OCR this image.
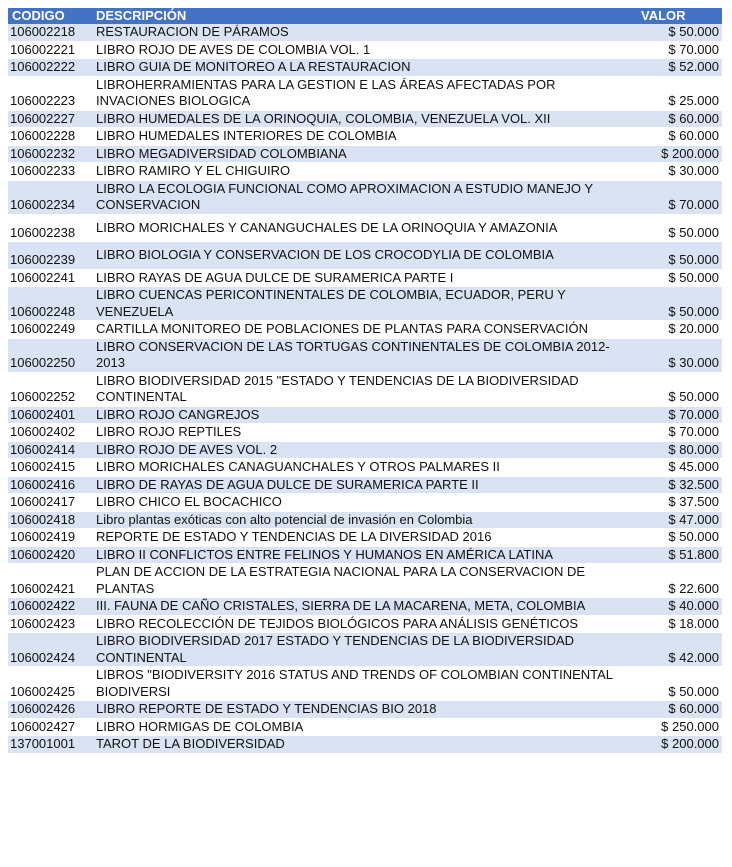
CODIGO	DESCRIPCIÓN	VALOR
106002218	RESTAURACION DE PÁRAMOS	$ 50.000
106002221	LIBRO ROJO DE AVES DE COLOMBIA VOL. 1	$ 70.000
106002222	LIBRO GUIA DE MONITOREO A LA RESTAURACION	$ 52.000
106002223	LIBROHERRAMIENTAS PARA LA GESTION E LAS ÁREAS AFECTADAS POR INVACIONES BIOLOGICA	$ 25.000
106002227	LIBRO HUMEDALES DE LA ORINOQUIA, COLOMBIA, VENEZUELA VOL. XII	$ 60.000
106002228	LIBRO HUMEDALES INTERIORES DE COLOMBIA	$ 60.000
106002232	LIBRO MEGADIVERSIDAD COLOMBIANA	$ 200.000
106002233	LIBRO RAMIRO Y EL CHIGUIRO	$ 30.000
106002234	LIBRO LA ECOLOGIA FUNCIONAL COMO APROXIMACION A ESTUDIO MANEJO Y CONSERVACION	$ 70.000
106002238	LIBRO MORICHALES Y CANANGUCHALES DE LA ORINOQUIA Y AMAZONIA	$ 50.000
106002239	LIBRO BIOLOGIA Y CONSERVACION DE LOS CROCODYLIA DE COLOMBIA	$ 50.000
106002241	LIBRO RAYAS DE AGUA DULCE DE SURAMERICA PARTE I	$ 50.000
106002248	LIBRO CUENCAS PERICONTINENTALES DE COLOMBIA, ECUADOR, PERU Y VENEZUELA	$ 50.000
106002249	CARTILLA MONITOREO DE POBLACIONES DE PLANTAS PARA CONSERVACIÓN	$ 20.000
106002250	LIBRO CONSERVACION DE LAS TORTUGAS CONTINENTALES DE COLOMBIA 2012-2013	$ 30.000
106002252	LIBRO BIODIVERSIDAD 2015 "ESTADO Y TENDENCIAS DE LA BIODIVERSIDAD CONTINENTAL	$ 50.000
106002401	LIBRO ROJO CANGREJOS	$ 70.000
106002402	LIBRO ROJO REPTILES	$ 70.000
106002414	LIBRO ROJO DE AVES VOL. 2	$ 80.000
106002415	LIBRO MORICHALES CANAGUANCHALES Y OTROS PALMARES II	$ 45.000
106002416	LIBRO DE RAYAS DE AGUA DULCE DE SURAMERICA PARTE II	$ 32.500
106002417	LIBRO CHICO EL BOCACHICO	$ 37.500
106002418	Libro plantas exóticas con alto potencial de invasión en Colombia	$ 47.000
106002419	REPORTE DE ESTADO Y TENDENCIAS DE LA DIVERSIDAD 2016	$ 50.000
106002420	LIBRO II CONFLICTOS ENTRE FELINOS Y HUMANOS EN AMÉRICA LATINA	$ 51.800
106002421	PLAN DE ACCION DE LA ESTRATEGIA NACIONAL PARA LA CONSERVACION DE PLANTAS	$ 22.600
106002422	III. FAUNA DE CAÑO CRISTALES, SIERRA DE LA MACARENA, META, COLOMBIA	$ 40.000
106002423	LIBRO RECOLECCIÓN DE TEJIDOS BIOLÓGICOS PARA ANÁLISIS GENÉTICOS	$ 18.000
106002424	LIBRO BIODIVERSIDAD 2017 ESTADO Y TENDENCIAS DE LA BIODIVERSIDAD CONTINENTAL	$ 42.000
106002425	LIBROS "BIODIVERSITY 2016 STATUS AND TRENDS OF COLOMBIAN CONTINENTAL BIODIVERSI	$ 50.000
106002426	LIBRO REPORTE DE ESTADO Y TENDENCIAS BIO 2018	$ 60.000
106002427	LIBRO HORMIGAS DE COLOMBIA	$ 250.000
137001001	TAROT DE LA BIODIVERSIDAD	$ 200.000
